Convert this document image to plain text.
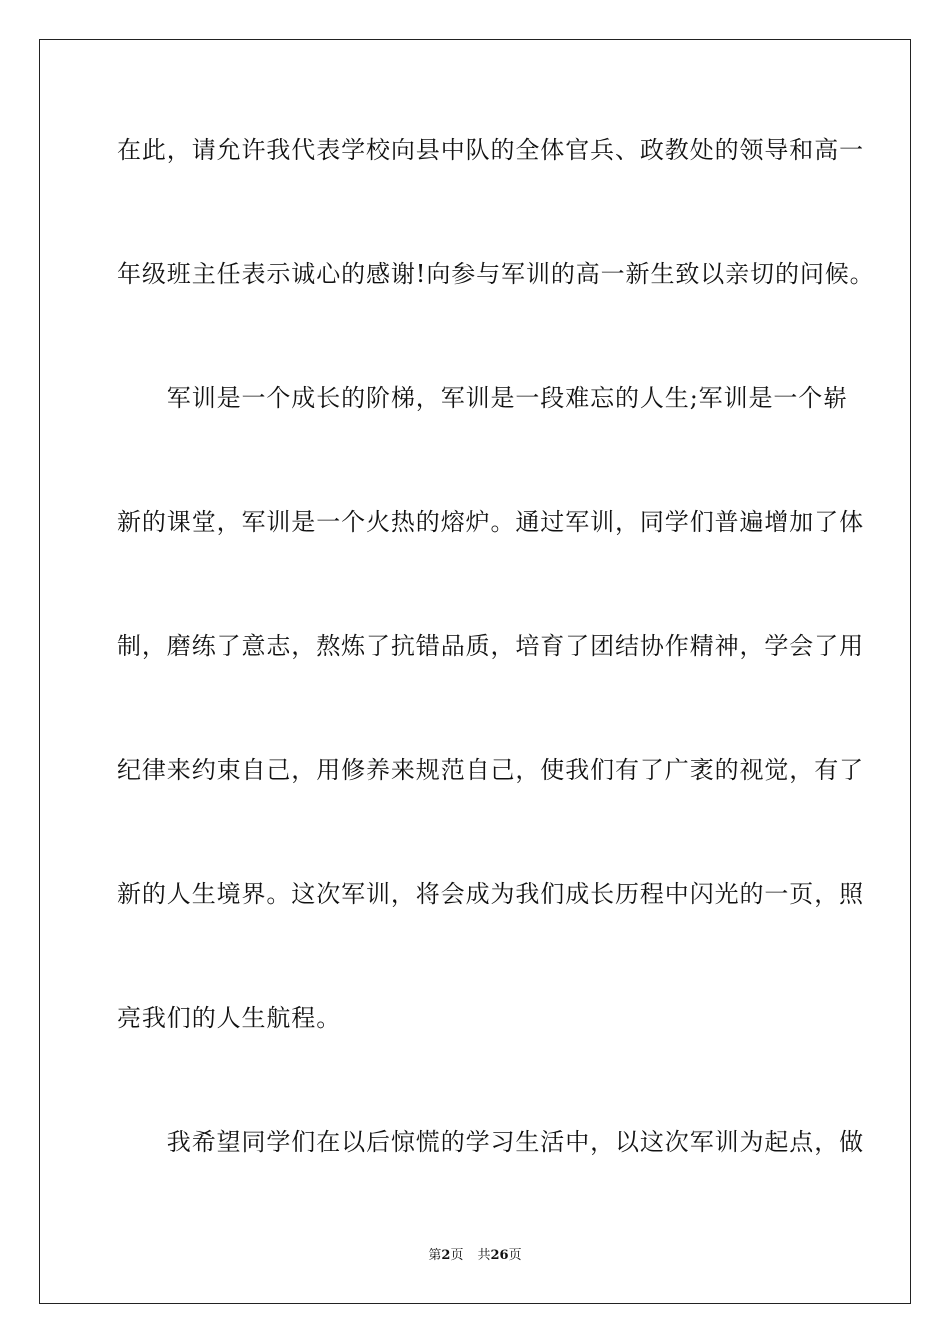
在此，请允许我代表学校向县中队的全体官兵、政教处的领导和高一
年级班主任表示诚心的感谢!向参与军训的高一新生致以亲切的问候。
　　军训是一个成长的阶梯，军训是一段难忘的人生;军训是一个崭
新的课堂，军训是一个火热的熔炉。通过军训，同学们普遍增加了体
制，磨练了意志，熬炼了抗错品质，培育了团结协作精神，学会了用
纪律来约束自己，用修养来规范自己，使我们有了广袤的视觉，有了
新的人生境界。这次军训，将会成为我们成长历程中闪光的一页，照
亮我们的人生航程。
　　我希望同学们在以后惊慌的学习生活中，以这次军训为起点，做
第2页 共26页
